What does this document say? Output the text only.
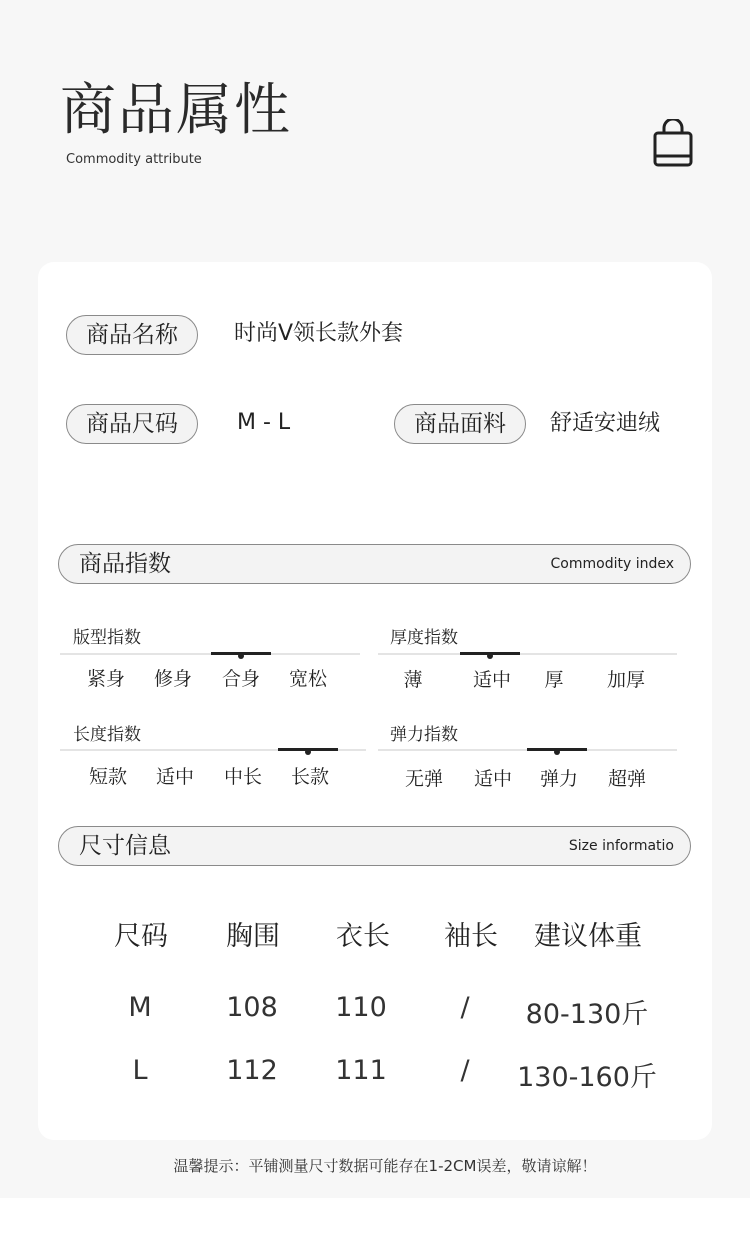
商品属性
Commodity attribute
商品名称	时尚V领长款外套
商品尺码	M - L	商品面料	舒适安迪绒
商品指数	Commodity index
版型指数
紧身	修身	合身	宽松
厚度指数
薄	适中	厚	加厚
长度指数
短款	适中	中长	长款
弹力指数
无弹	适中	弹力	超弹
尺寸信息	Size informatio
尺码	胸围	衣长	袖长	建议体重
M	108	110	/	80-130斤
L	112	111	/	130-160斤
温馨提示：平铺测量尺寸数据可能存在1-2CM误差，敬请谅解！
